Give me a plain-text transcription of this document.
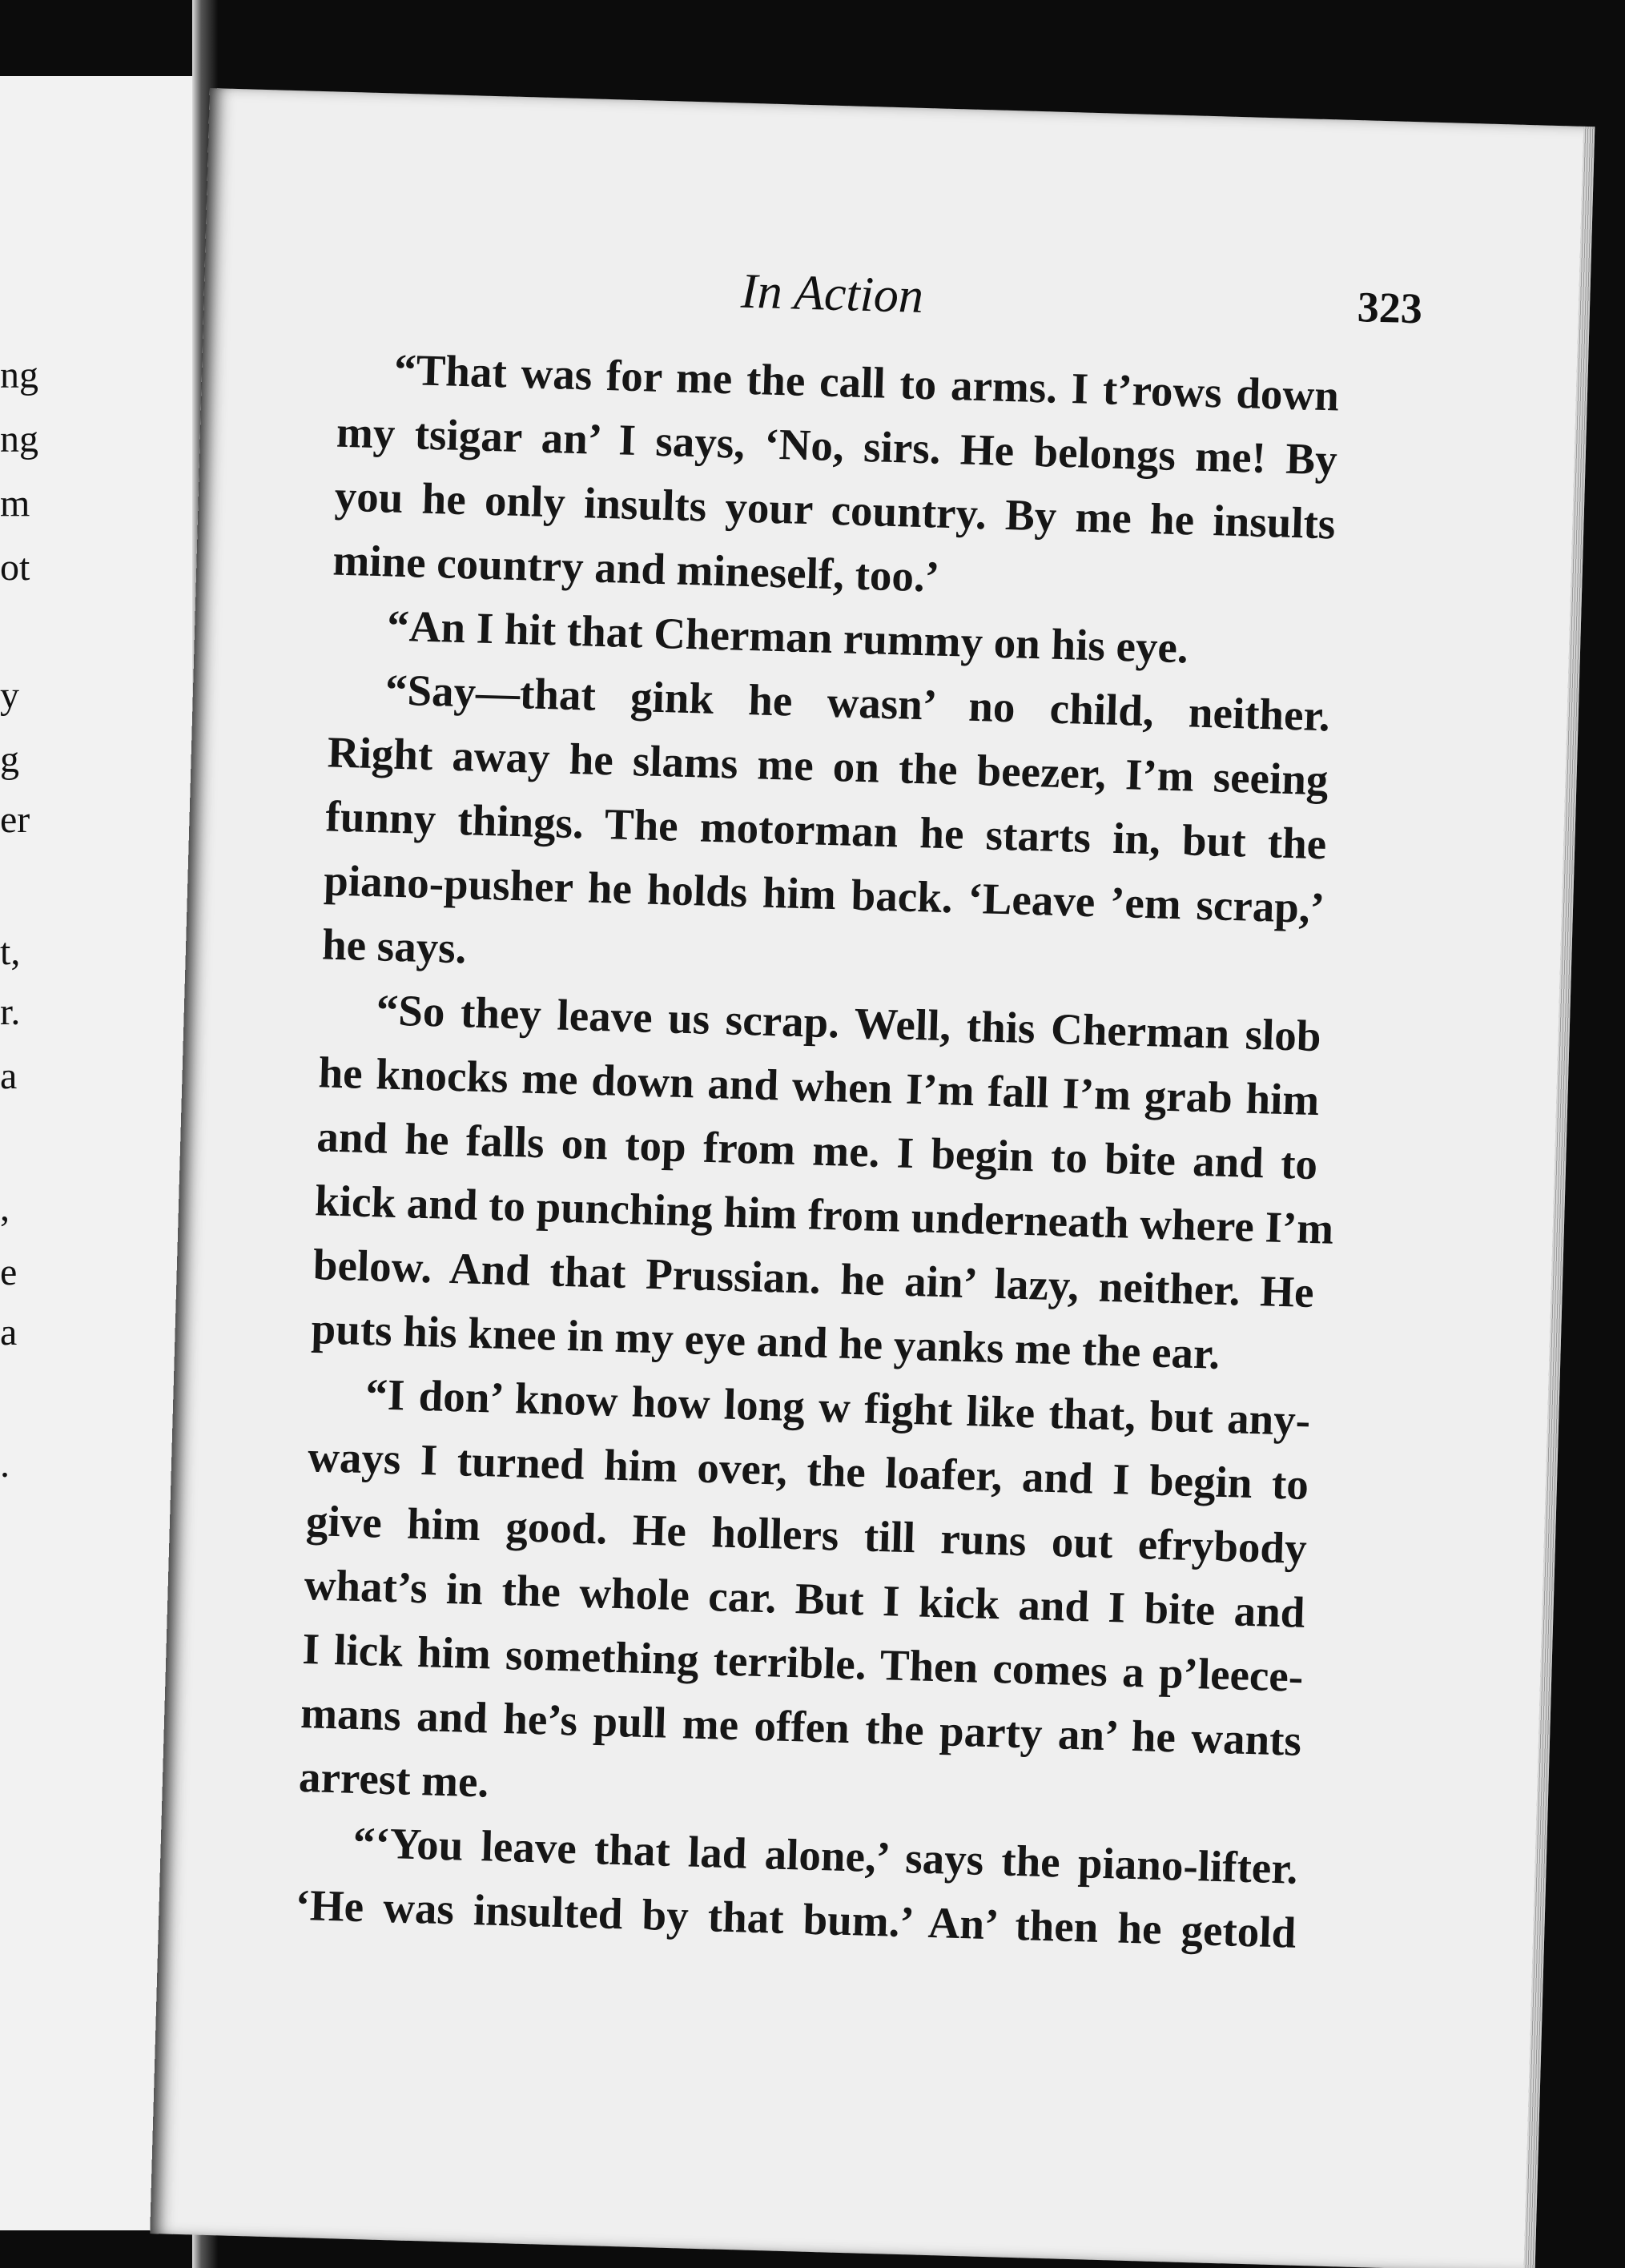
ng

ng

m

ot

y

g

er

t,

r.

a

,

e

a

.

In Action	323
“That was for me the call to arms. I t’rows down
my tsigar an’ I says, ‘No, sirs. He belongs me! By
you he only insults your country. By me he insults
mine country and mineself, too.’
“An I hit that Cherman rummy on his eye.
“Say—that gink he wasn’ no child, neither.
Right away he slams me on the beezer, I’m seeing
funny things. The motorman he starts in, but the
piano-pusher he holds him back. ‘Leave ’em scrap,’
he says.
“So they leave us scrap. Well, this Cherman slob
he knocks me down and when I’m fall I’m grab him
and he falls on top from me. I begin to bite and to
kick and to punching him from underneath where I’m
below. And that Prussian. he ain’ lazy, neither. He
puts his knee in my eye and he yanks me the ear.
“I don’ know how long w fight like that, but any-
ways I turned him over, the loafer, and I begin to
give him good. He hollers till runs out efrybody
what’s in the whole car. But I kick and I bite and
I lick him something terrible. Then comes a p’leece-
mans and he’s pull me offen the party an’ he wants
arrest me.
“‘You leave that lad alone,’ says the piano-lifter.
‘He was insulted by that bum.’ An’ then he getold
